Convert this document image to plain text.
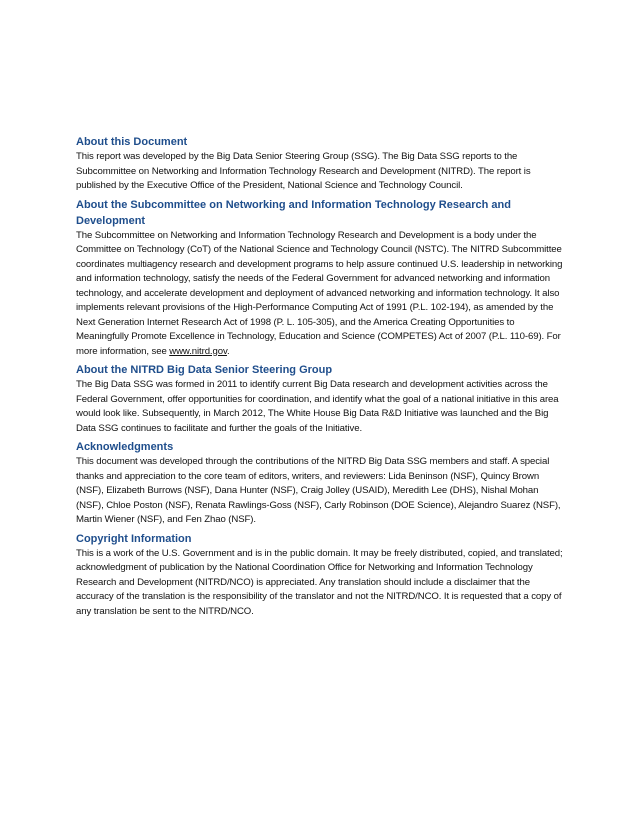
About this Document

This report was developed by the Big Data Senior Steering Group (SSG). The Big Data SSG reports to the Subcommittee on Networking and Information Technology Research and Development (NITRD). The report is published by the Executive Office of the President, National Science and Technology Council.

About the Subcommittee on Networking and Information Technology Research and Development

The Subcommittee on Networking and Information Technology Research and Development is a body under the Committee on Technology (CoT) of the National Science and Technology Council (NSTC). The NITRD Subcommittee coordinates multiagency research and development programs to help assure continued U.S. leadership in networking and information technology, satisfy the needs of the Federal Government for advanced networking and information technology, and accelerate development and deployment of advanced networking and information technology. It also implements relevant provisions of the High-Performance Computing Act of 1991 (P.L. 102-194), as amended by the Next Generation Internet Research Act of 1998 (P. L. 105-305), and the America Creating Opportunities to Meaningfully Promote Excellence in Technology, Education and Science (COMPETES) Act of 2007 (P.L. 110-69). For more information, see www.nitrd.gov.

About the NITRD Big Data Senior Steering Group

The Big Data SSG was formed in 2011 to identify current Big Data research and development activities across the Federal Government, offer opportunities for coordination, and identify what the goal of a national initiative in this area would look like. Subsequently, in March 2012, The White House Big Data R&D Initiative was launched and the Big Data SSG continues to facilitate and further the goals of the Initiative.

Acknowledgments

This document was developed through the contributions of the NITRD Big Data SSG members and staff. A special thanks and appreciation to the core team of editors, writers, and reviewers: Lida Beninson (NSF), Quincy Brown (NSF), Elizabeth Burrows (NSF), Dana Hunter (NSF), Craig Jolley (USAID), Meredith Lee (DHS), Nishal Mohan (NSF), Chloe Poston (NSF), Renata Rawlings-Goss (NSF), Carly Robinson (DOE Science), Alejandro Suarez (NSF), Martin Wiener (NSF), and Fen Zhao (NSF).

Copyright Information

This is a work of the U.S. Government and is in the public domain. It may be freely distributed, copied, and translated; acknowledgment of publication by the National Coordination Office for Networking and Information Technology Research and Development (NITRD/NCO) is appreciated. Any translation should include a disclaimer that the accuracy of the translation is the responsibility of the translator and not the NITRD/NCO. It is requested that a copy of any translation be sent to the NITRD/NCO.
